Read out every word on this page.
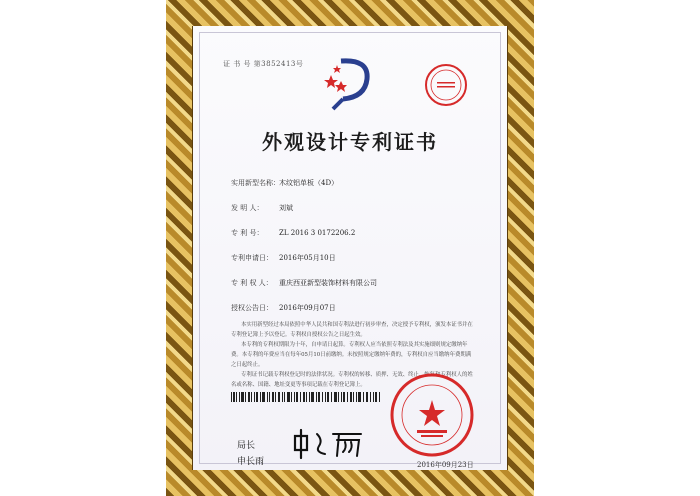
证 书 号 第3852413号
外观设计专利证书
实用新型名称：木纹铝单板（4D）
发 明 人： 刘斌
专 利 号： ZL 2016 3 0172206.2
专利申请日： 2016年05月10日
专 利 权 人： 重庆西亚新型装饰材料有限公司
授权公告日： 2016年09月07日

本实用新型经过本局依照中华人民共和国专利法进行初步审查，决定授予专利权，颁发本证书并在专利登记簿上予以登记。专利权自授权公告之日起生效。

本专利的专利权期限为十年，自申请日起算。专利权人应当依照专利法及其实施细则规定缴纳年费。本专利的年费应当在每年05月10日前缴纳。未按照规定缴纳年费的，专利权自应当缴纳年费期满之日起终止。

专利证书记载专利权登记时的法律状况。专利权的转移、质押、无效、终止、恢复和专利权人的姓名或名称、国籍、地址变更等事项记载在专利登记簿上。

局长
申长雨	2016年09月23日
